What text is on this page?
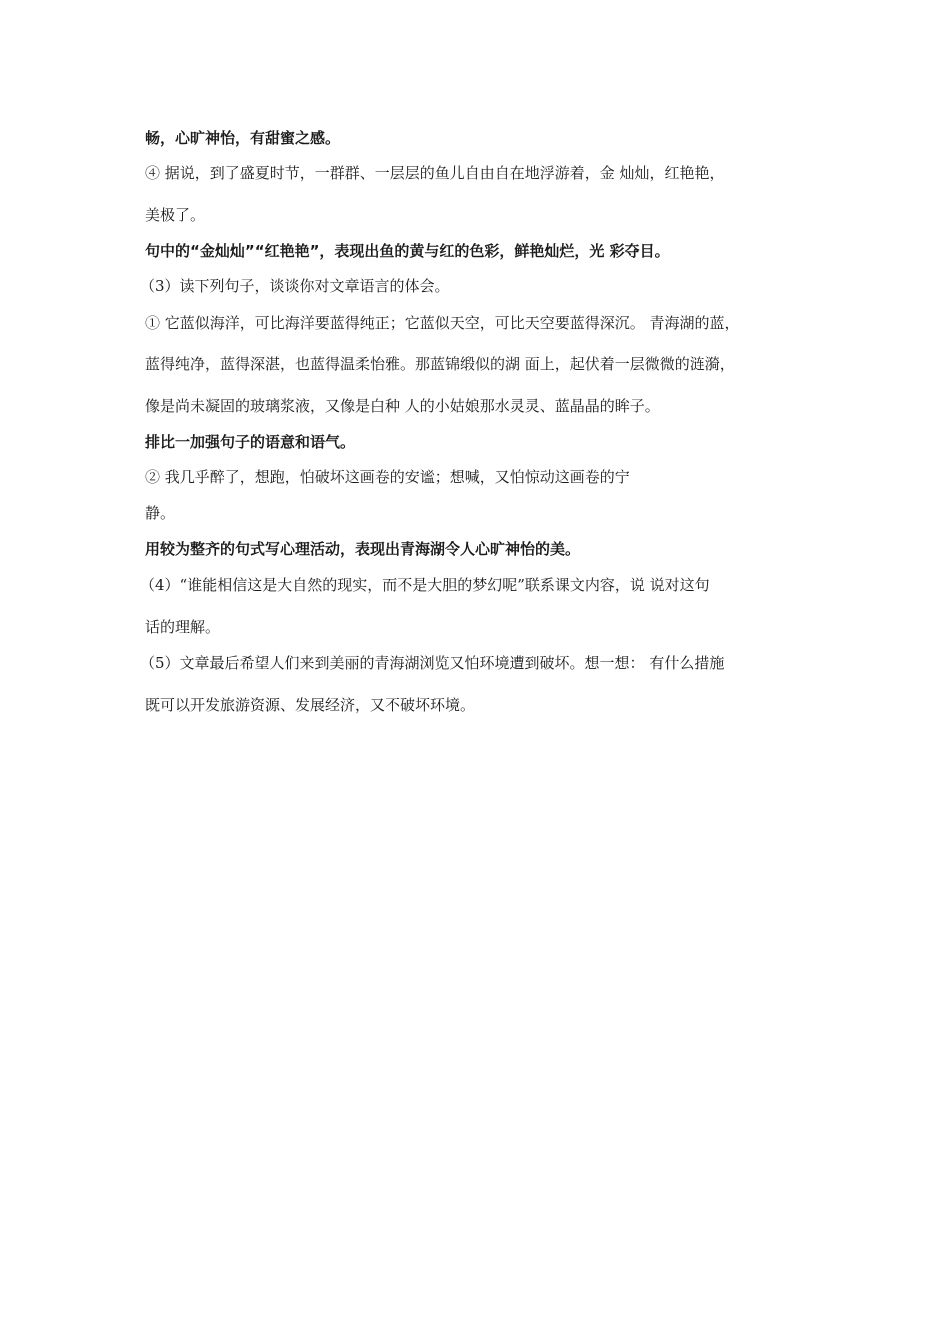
畅，心旷神怡，有甜蜜之感。
④ 据说，到了盛夏时节，一群群、一层层的鱼儿自由自在地浮游着，金 灿灿，红艳艳，
美极了。
句中的“金灿灿”“红艳艳”，表现出鱼的黄与红的色彩，鲜艳灿烂，光 彩夺目。
（3）读下列句子，谈谈你对文章语言的体会。
① 它蓝似海洋，可比海洋要蓝得纯正；它蓝似天空，可比天空要蓝得深沉。 青海湖的蓝，
蓝得纯净，蓝得深湛，也蓝得温柔怡雅。那蓝锦缎似的湖 面上，起伏着一层微微的涟漪，
像是尚未凝固的玻璃浆液，又像是白种 人的小姑娘那水灵灵、蓝晶晶的眸子。
排比一加强句子的语意和语气。
② 我几乎醉了，想跑，怕破坏这画卷的安谧；想喊，又怕惊动这画卷的宁
静。
用较为整齐的句式写心理活动，表现出青海湖令人心旷神怡的美。
（4）“谁能相信这是大自然的现实，而不是大胆的梦幻呢”联系课文内容，说 说对这句
话的理解。
（5）文章最后希望人们来到美丽的青海湖浏览又怕环境遭到破坏。想一想： 有什么措施
既可以开发旅游资源、发展经济，又不破坏环境。
